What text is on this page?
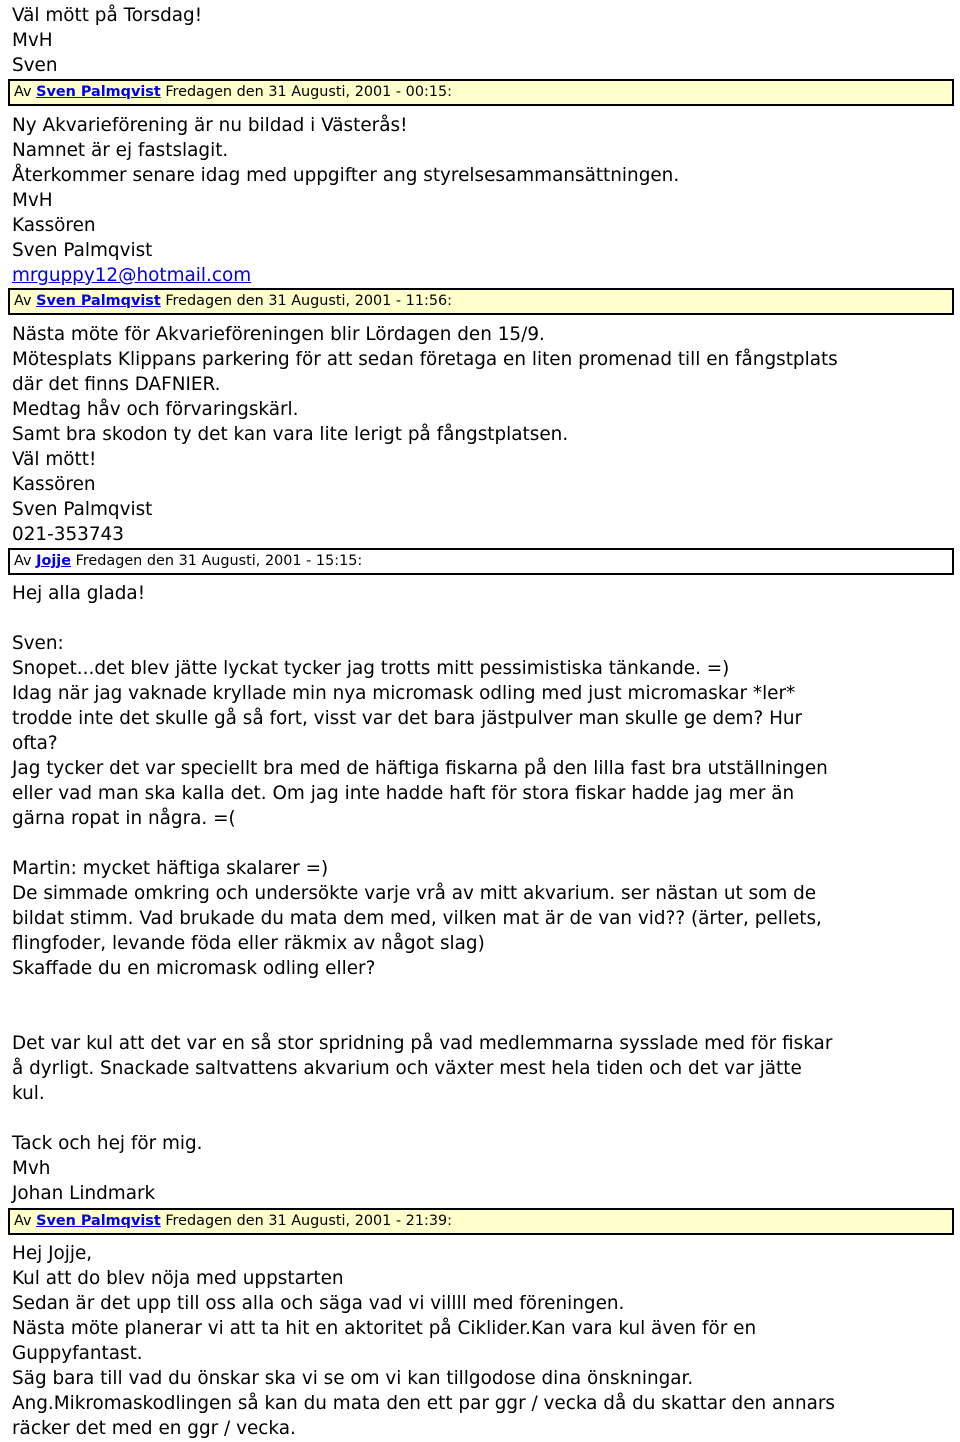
Väl mött på Torsdag!
MvH
Sven
Av Sven Palmqvist Fredagen den 31 Augusti, 2001 - 00:15:
Ny Akvarieförening är nu bildad i Västerås!
Namnet är ej fastslagit.
Återkommer senare idag med uppgifter ang styrelsesammansättningen.
MvH
Kassören
Sven Palmqvist
mrguppy12@hotmail.com
Av Sven Palmqvist Fredagen den 31 Augusti, 2001 - 11:56:
Nästa möte för Akvarieföreningen blir Lördagen den 15/9.
Mötesplats Klippans parkering för att sedan företaga en liten promenad till en fångstplats
där det finns DAFNIER.
Medtag håv och förvaringskärl.
Samt bra skodon ty det kan vara lite lerigt på fångstplatsen.
Väl mött!
Kassören
Sven Palmqvist
021-353743
Av Jojje Fredagen den 31 Augusti, 2001 - 15:15:
Hej alla glada!
Sven:
Snopet...det blev jätte lyckat tycker jag trotts mitt pessimistiska tänkande. =)
Idag när jag vaknade kryllade min nya micromask odling med just micromaskar *ler*
trodde inte det skulle gå så fort, visst var det bara jästpulver man skulle ge dem? Hur
ofta?
Jag tycker det var speciellt bra med de häftiga fiskarna på den lilla fast bra utställningen
eller vad man ska kalla det. Om jag inte hadde haft för stora fiskar hadde jag mer än
gärna ropat in några. =(
Martin: mycket häftiga skalarer =)
De simmade omkring och undersökte varje vrå av mitt akvarium. ser nästan ut som de
bildat stimm. Vad brukade du mata dem med, vilken mat är de van vid?? (ärter, pellets,
flingfoder, levande föda eller räkmix av något slag)
Skaffade du en micromask odling eller?
Det var kul att det var en så stor spridning på vad medlemmarna sysslade med för fiskar
å dyrligt. Snackade saltvattens akvarium och växter mest hela tiden och det var jätte
kul.
Tack och hej för mig.
Mvh
Johan Lindmark
Av Sven Palmqvist Fredagen den 31 Augusti, 2001 - 21:39:
Hej Jojje,
Kul att do blev nöja med uppstarten
Sedan är det upp till oss alla och säga vad vi villll med föreningen.
Nästa möte planerar vi att ta hit en aktoritet på Ciklider.Kan vara kul även för en
Guppyfantast.
Säg bara till vad du önskar ska vi se om vi kan tillgodose dina önskningar.
Ang.Mikromaskodlingen så kan du mata den ett par ggr / vecka då du skattar den annars
räcker det med en ggr / vecka.
